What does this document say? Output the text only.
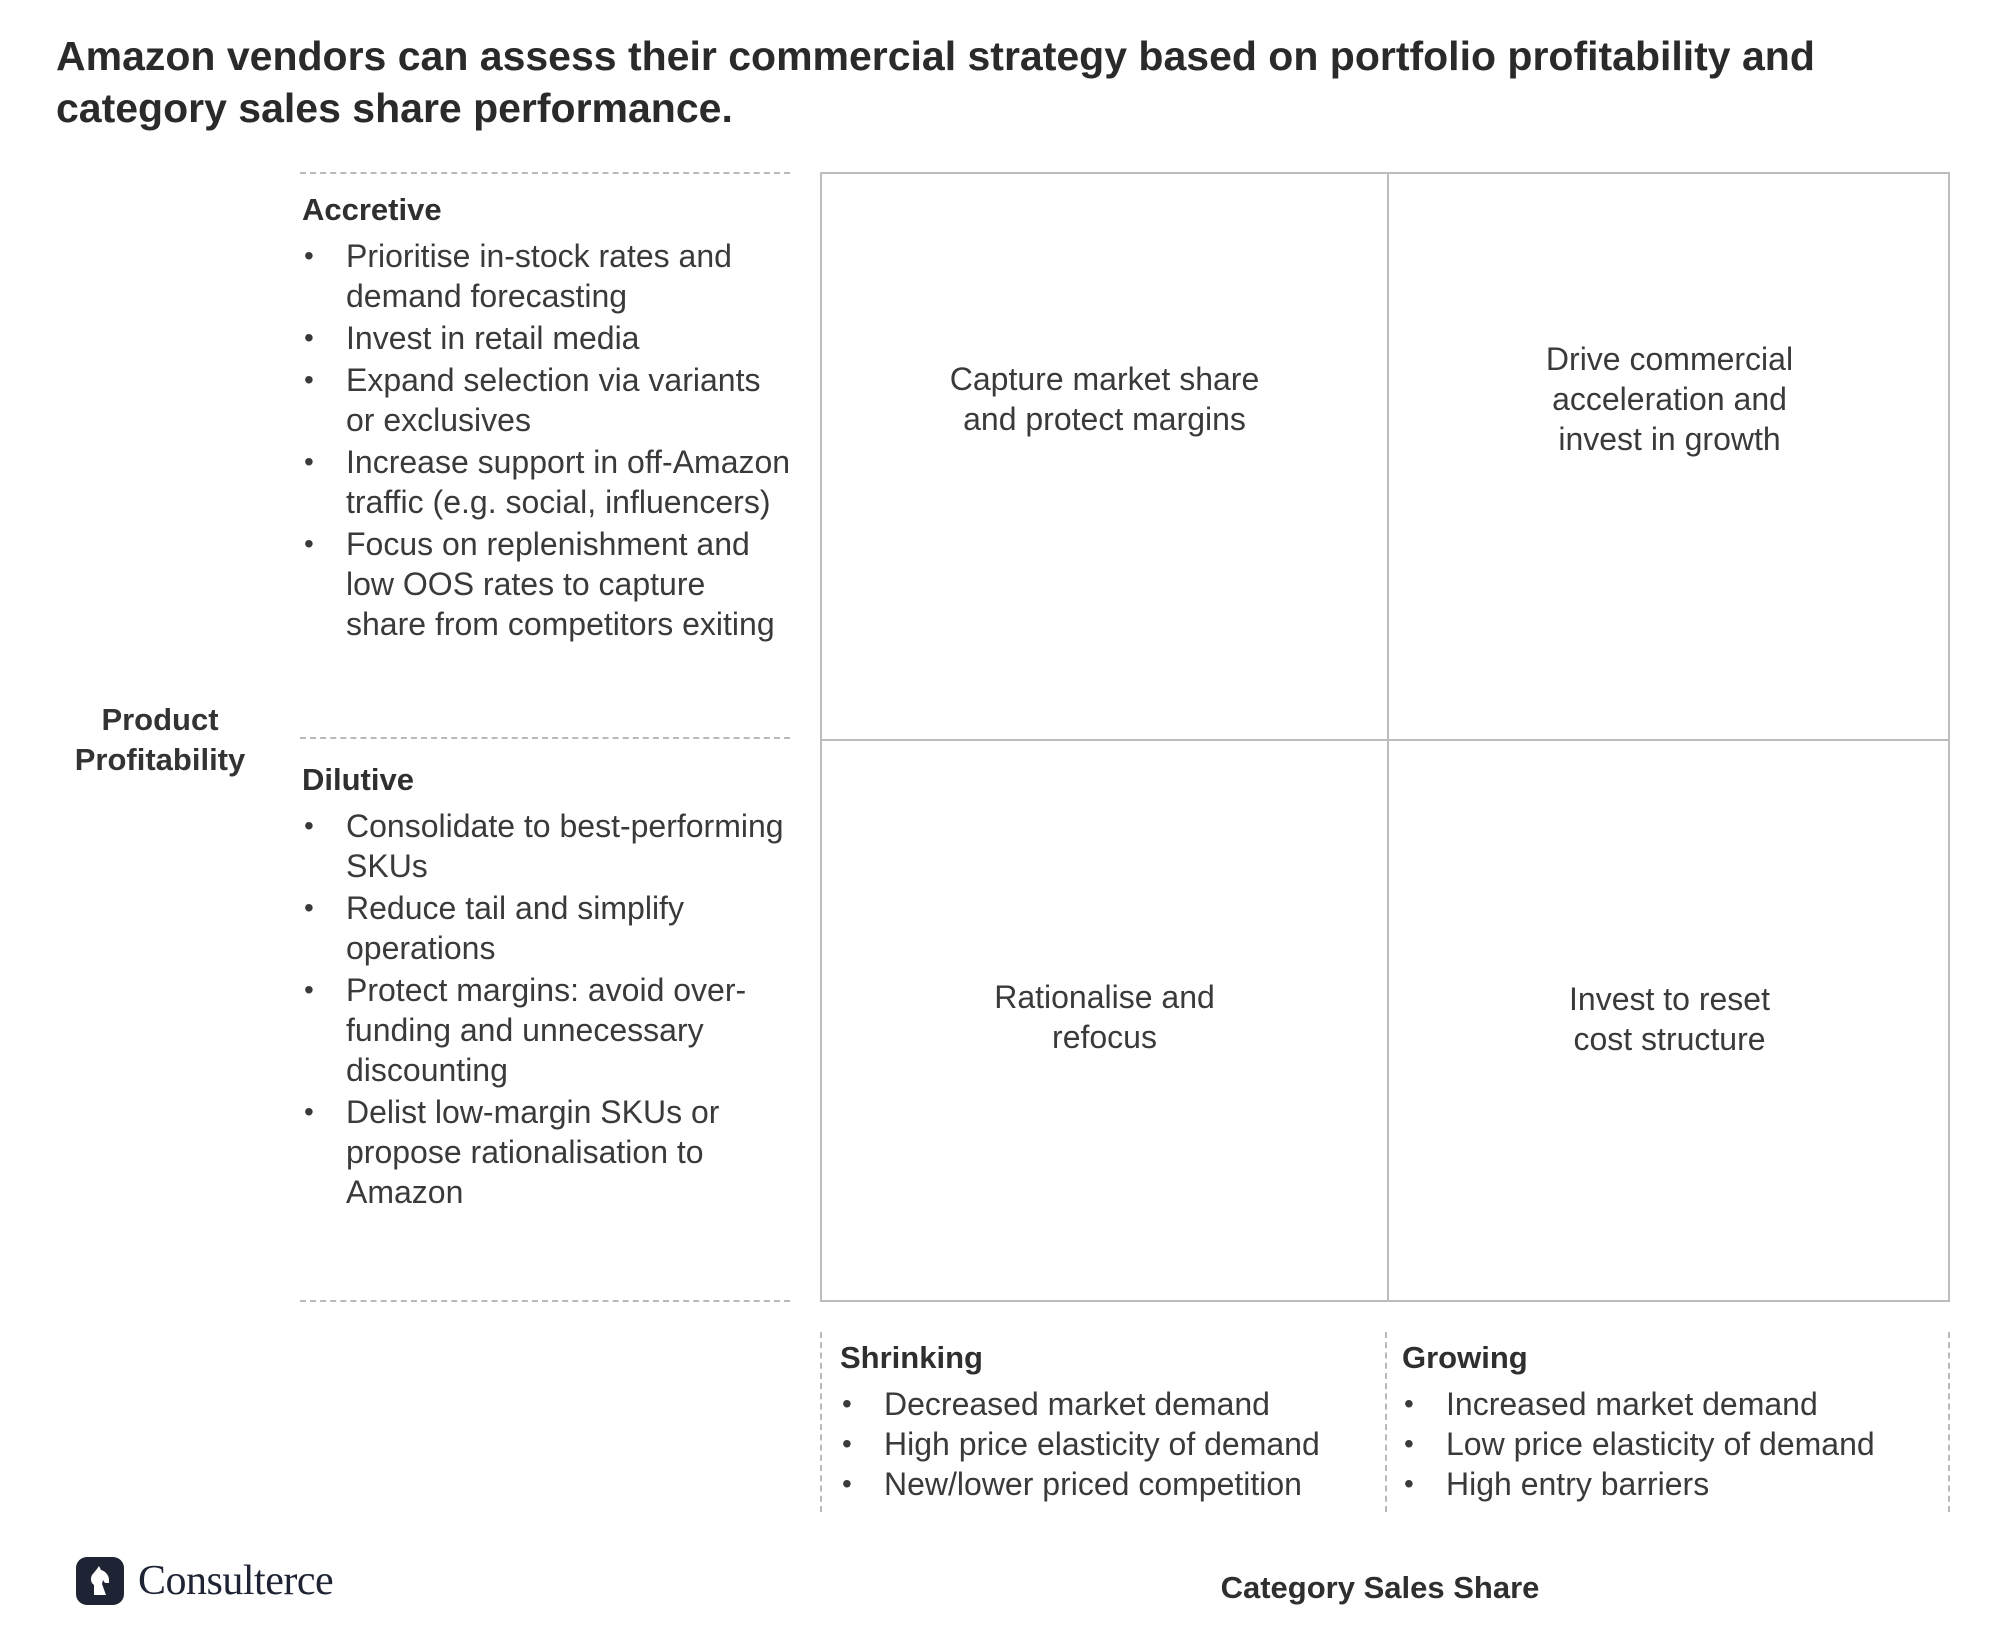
Amazon vendors can assess their commercial strategy based on portfolio profitability and category sales share performance.
Product Profitability
Accretive
• Prioritise in-stock rates and demand forecasting
• Invest in retail media
• Expand selection via variants or exclusives
• Increase support in off-Amazon traffic (e.g. social, influencers)
• Focus on replenishment and low OOS rates to capture share from competitors exiting
Dilutive
• Consolidate to best-performing SKUs
• Reduce tail and simplify operations
• Protect margins: avoid over-funding and unnecessary discounting
• Delist low-margin SKUs or propose rationalisation to Amazon
Capture market share and protect margins
Drive commercial acceleration and invest in growth
Rationalise and refocus
Invest to reset cost structure
Shrinking
• Decreased market demand
• High price elasticity of demand
• New/lower priced competition
Growing
• Increased market demand
• Low price elasticity of demand
• High entry barriers
Category Sales Share
Consulterce
